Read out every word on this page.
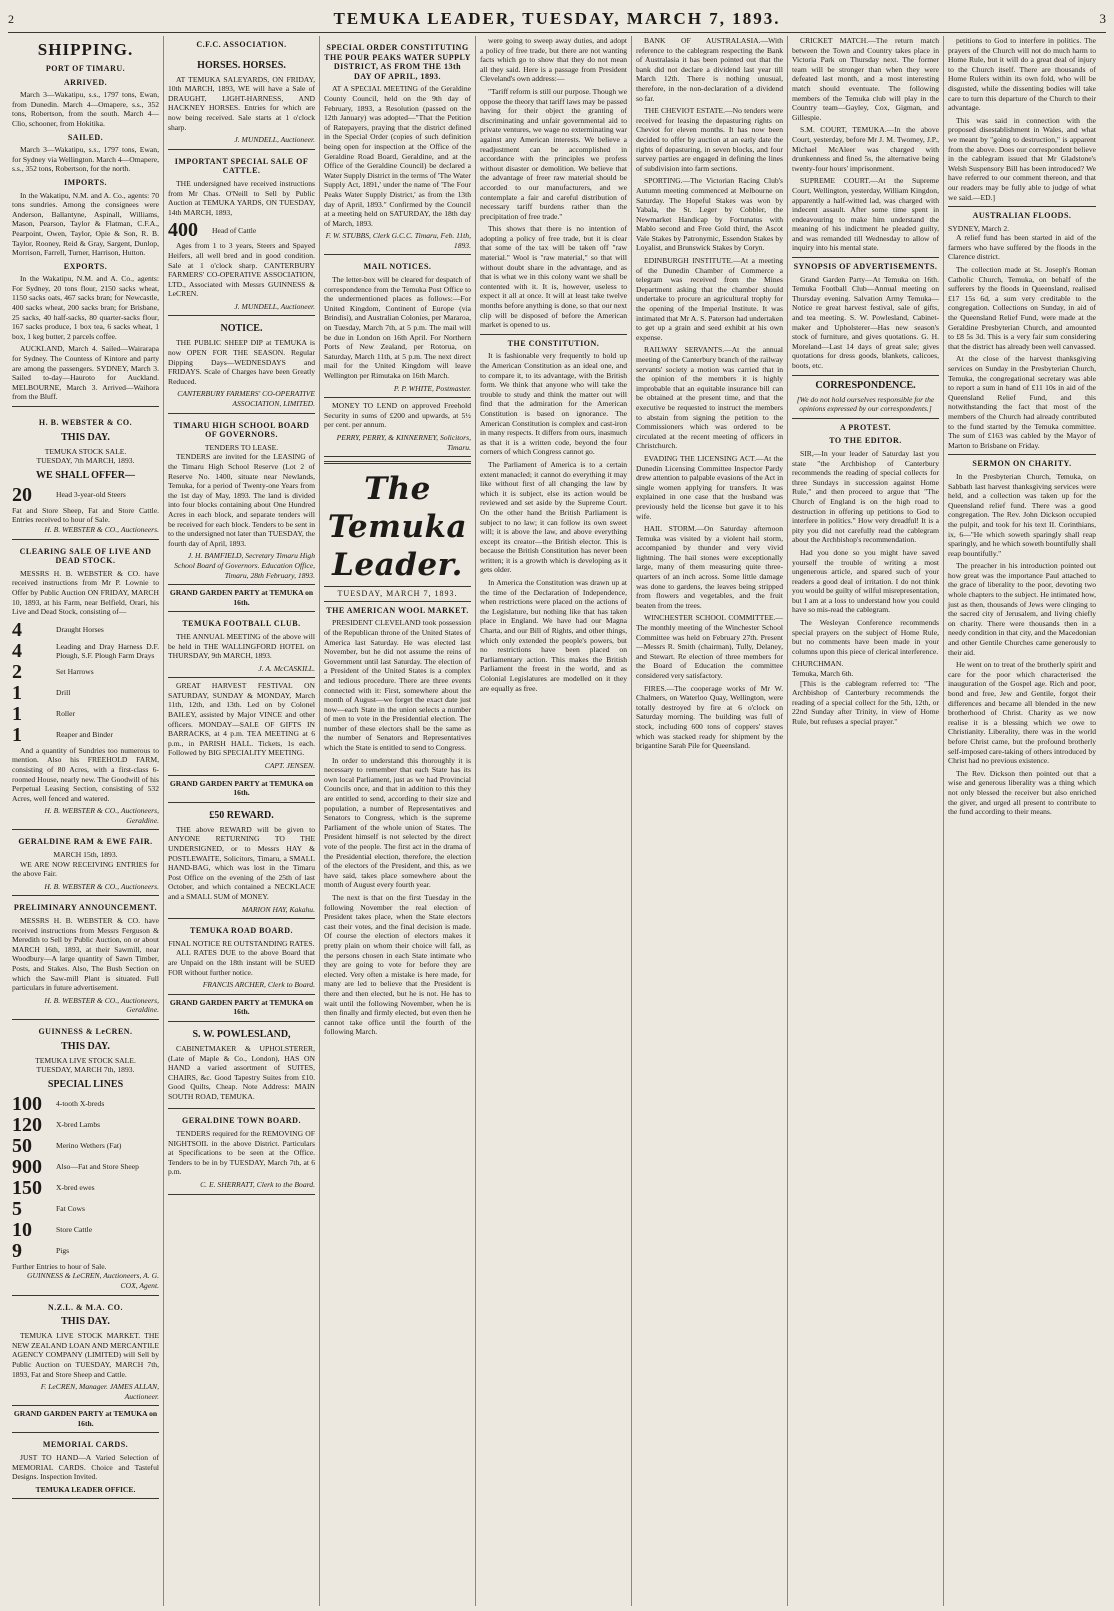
2	TEMUKA LEADER, TUESDAY, MARCH 7, 1893.	3
SHIPPING.
PORT OF TIMARU.
ARRIVED.

March 3—Wakatipu, s.s., 1797 tons, Ewan, from Dunedin. March 4—Omapere, s.s., 352 tons, Robertson, from the south. March 4—Clio, schooner, from Hokitika.

SAILED.

March 3—Wakatipu, s.s., 1797 tons, Ewan, for Sydney via Wellington. March 4—Omapere, s.s., 352 tons, Robertson, for the north.

IMPORTS.

In the Wakatipu, N.M. and A. Co., agents: 70 tons sundries. Among the consignees were Anderson, Ballantyne, Aspinall, Williams, Mason, Pearson, Taylor & Flatman, C.F.A., Pearpoint, Owen, Taylor, Opie & Son, R. B. Taylor, Rooney, Reid & Gray, Sargent, Dunlop, Morrison, Farrell, Turner, Harrison, Hutton.

EXPORTS.

In the Wakatipu, N.M. and A. Co., agents: For Sydney, 20 tons flour, 2150 sacks wheat, 1150 sacks oats, 467 sacks bran; for Newcastle, 400 sacks wheat, 200 sacks bran; for Brisbane, 25 sacks, 40 half-sacks, 80 quarter-sacks flour, 167 sacks produce, 1 box tea, 6 sacks wheat, 1 box, 1 keg butter, 2 parcels coffee.

AUCKLAND, March 4. Sailed—Wairarapa for Sydney. The Countess of Kintore and party are among the passengers. SYDNEY, March 3. Sailed to-day—Hauroto for Auckland. MELBOURNE, March 3. Arrived—Waihora from the Bluff.

H. B. WEBSTER & CO.
THIS DAY.
TEMUKA STOCK SALE.
TUESDAY, 7th MARCH, 1893.
WE SHALL OFFER—
20	Head 3-year-old Steers
Fat and Store Sheep, Fat and Store Cattle. Entries received to hour of Sale.
H. B. WEBSTER & CO., Auctioneers.
CLEARING SALE OF LIVE AND DEAD STOCK.

MESSRS H. B. WEBSTER & CO. have received instructions from Mr P. Lownie to Offer by Public Auction ON FRIDAY, MARCH 10, 1893, at his Farm, near Belfield, Orari, his Live and Dead Stock, consisting of—

4	Draught Horses
4	Leading and Dray Harness D.F. Plough, S.F. Plough Farm Drays
2	Set Harrows
1	Drill
1	Roller
1	Reaper and Binder

And a quantity of Sundries too numerous to mention. Also his FREEHOLD FARM, consisting of 80 Acres, with a first-class 6-roomed House, nearly new. The Goodwill of his Perpetual Leasing Section, consisting of 532 Acres, well fenced and watered.

H. B. WEBSTER & CO., Auctioneers, Geraldine.
GERALDINE RAM & EWE FAIR.
MARCH 15th, 1893.

WE ARE NOW RECEIVING ENTRIES for the above Fair.

H. B. WEBSTER & CO., Auctioneers.
PRELIMINARY ANNOUNCEMENT.

MESSRS H. B. WEBSTER & CO. have received instructions from Messrs Ferguson & Meredith to Sell by Public Auction, on or about MARCH 16th, 1893, at their Sawmill, near Woodbury—A large quantity of Sawn Timber, Posts, and Stakes. Also, The Bush Section on which the Saw-mill Plant is situated. Full particulars in future advertisement.

H. B. WEBSTER & CO., Auctioneers, Geraldine.
GUINNESS & LeCREN.
THIS DAY.
TEMUKA LIVE STOCK SALE.
TUESDAY, MARCH 7th, 1893.
SPECIAL LINES
100	4-tooth X-breds
120	X-bred Lambs
50	Merino Wethers (Fat)
900	Also—Fat and Store Sheep
150	X-bred ewes
5	Fat Cows
10	Store Cattle
9	Pigs
Further Entries to hour of Sale.
GUINNESS & LeCREN, Auctioneers, A. G. COX, Agent.
N.Z.L. & M.A. CO.
THIS DAY.

TEMUKA LIVE STOCK MARKET. THE NEW ZEALAND LOAN AND MERCANTILE AGENCY COMPANY (LIMITED) will Sell by Public Auction on TUESDAY, MARCH 7th, 1893, Fat and Store Sheep and Cattle.

F. LeCREN, Manager. JAMES ALLAN, Auctioneer.
GRAND GARDEN PARTY at TEMUKA on 16th.
MEMORIAL CARDS.

JUST TO HAND—A Varied Selection of MEMORIAL CARDS. Choice and Tasteful Designs. Inspection Invited.

TEMUKA LEADER OFFICE.
C.F.C. ASSOCIATION.
HORSES. HORSES.

AT TEMUKA SALEYARDS, ON FRIDAY, 10th MARCH, 1893, WE will have a Sale of DRAUGHT, LIGHT-HARNESS, AND HACKNEY HORSES. Entries for which are now being received. Sale starts at 1 o'clock sharp.

J. MUNDELL, Auctioneer.
IMPORTANT SPECIAL SALE OF CATTLE.

THE undersigned have received instructions from Mr Chas. O'Neill to Sell by Public Auction at TEMUKA YARDS, ON TUESDAY, 14th MARCH, 1893,

400	Head of Cattle

Ages from 1 to 3 years, Steers and Spayed Heifers, all well bred and in good condition. Sale at 1 o'clock sharp. CANTERBURY FARMERS' CO-OPERATIVE ASSOCIATION, LTD., Associated with Messrs GUINNESS & LeCREN.

J. MUNDELL, Auctioneer.
NOTICE.

THE PUBLIC SHEEP DIP at TEMUKA is now OPEN FOR THE SEASON. Regular Dipping Days—WEDNESDAYS and FRIDAYS. Scale of Charges have been Greatly Reduced.

CANTERBURY FARMERS' CO-OPERATIVE ASSOCIATION, LIMITED.
TIMARU HIGH SCHOOL BOARD OF GOVERNORS.
TENDERS TO LEASE.

TENDERS are invited for the LEASING of the Timaru High School Reserve (Lot 2 of Reserve No. 1400, situate near Newlands, Temuka, for a period of Twenty-one Years from the 1st day of May, 1893. The land is divided into four blocks containing about One Hundred Acres in each block, and separate tenders will be received for each block. Tenders to be sent in to the undersigned not later than TUESDAY, the fourth day of April, 1893.

J. H. BAMFIELD, Secretary Timaru High School Board of Governors. Education Office, Timaru, 28th February, 1893.
GRAND GARDEN PARTY at TEMUKA on 16th.
TEMUKA FOOTBALL CLUB.

THE ANNUAL MEETING of the above will be held in THE WALLINGFORD HOTEL on THURSDAY, 9th MARCH, 1893.

J. A. McCASKILL.

GREAT HARVEST FESTIVAL ON SATURDAY, SUNDAY & MONDAY, March 11th, 12th, and 13th. Led on by Colonel BAILEY, assisted by Major VINCE and other officers. MONDAY—SALE OF GIFTS IN BARRACKS, at 4 p.m. TEA MEETING at 6 p.m., in PARISH HALL. Tickets, 1s each. Followed by BIG SPECIALITY MEETING.

CAPT. JENSEN.
GRAND GARDEN PARTY at TEMUKA on 16th.
£50 REWARD.

THE above REWARD will be given to ANYONE RETURNING TO THE UNDERSIGNED, or to Messrs HAY & POSTLEWAITE, Solicitors, Timaru, a SMALL HAND-BAG, which was lost in the Timaru Post Office on the evening of the 25th of last October, and which contained a NECKLACE and a SMALL SUM of MONEY.

MARION HAY, Kakahu.
TEMUKA ROAD BOARD.
FINAL NOTICE RE OUTSTANDING RATES.

ALL RATES DUE to the above Board that are Unpaid on the 18th instant will be SUED FOR without further notice.

FRANCIS ARCHER, Clerk to Board.
GRAND GARDEN PARTY at TEMUKA on 16th.
S. W. POWLESLAND,

CABINETMAKER & UPHOLSTERER, (Late of Maple & Co., London), HAS ON HAND a varied assortment of SUITES, CHAIRS, &c. Good Tapestry Suites from £10. Good Quilts, Cheap. Note Address: MAIN SOUTH ROAD, TEMUKA.

GERALDINE TOWN BOARD.

TENDERS required for the REMOVING OF NIGHTSOIL in the above District. Particulars at Specifications to be seen at the Office. Tenders to be in by TUESDAY, March 7th, at 6 p.m.

C. E. SHERRATT, Clerk to the Board.
SPECIAL ORDER CONSTITUTING THE POUR PEAKS WATER SUPPLY DISTRICT, AS FROM THE 13th DAY OF APRIL, 1893.

AT A SPECIAL MEETING of the Geraldine County Council, held on the 9th day of February, 1893, a Resolution (passed on the 12th January) was adopted—"That the Petition of Ratepayers, praying that the district defined in the Special Order (copies of such definition being open for inspection at the Office of the Geraldine Road Board, Geraldine, and at the Office of the Geraldine Council) be declared a Water Supply District in the terms of 'The Water Supply Act, 1891,' under the name of 'The Four Peaks Water Supply District,' as from the 13th day of April, 1893." Confirmed by the Council at a meeting held on SATURDAY, the 18th day of March, 1893.

F. W. STUBBS, Clerk G.C.C. Timaru, Feb. 11th, 1893.
MAIL NOTICES.

The letter-box will be cleared for despatch of correspondence from the Temuka Post Office to the undermentioned places as follows:—For United Kingdom, Continent of Europe (via Brindisi), and Australian Colonies, per Mararoa, on Tuesday, March 7th, at 5 p.m. The mail will be due in London on 16th April. For Northern Ports of New Zealand, per Rotorua, on Saturday, March 11th, at 5 p.m. The next direct mail for the United Kingdom will leave Wellington per Rimutaka on 16th March.

P. P. WHITE, Postmaster.

MONEY TO LEND on approved Freehold Security in sums of £200 and upwards, at 5½ per cent. per annum.

PERRY, PERRY, & KINNERNEY, Solicitors, Timaru.
The Temuka Leader.
TUESDAY, MARCH 7, 1893.
THE AMERICAN WOOL MARKET.

PRESIDENT CLEVELAND took possession of the Republican throne of the United States of America last Saturday. He was elected last November, but he did not assume the reins of Government until last Saturday. The election of a President of the United States is a complex and tedious procedure. There are three events connected with it: First, somewhere about the month of August—we forget the exact date just now—each State in the union selects a number of men to vote in the Presidential election. The number of these electors shall be the same as the number of Senators and Representatives which the State is entitled to send to Congress.

In order to understand this thoroughly it is necessary to remember that each State has its own local Parliament, just as we had Provincial Councils once, and that in addition to this they are entitled to send, according to their size and population, a number of Representatives and Senators to Congress, which is the supreme Parliament of the whole union of States. The President himself is not selected by the direct vote of the people. The first act in the drama of the Presidential election, therefore, the election of the electors of the President, and this, as we have said, takes place somewhere about the month of August every fourth year.

The next is that on the first Tuesday in the following November the real election of President takes place, when the State electors cast their votes, and the final decision is made. Of course the election of electors makes it pretty plain on whom their choice will fall, as the persons chosen in each State intimate who they are going to vote for before they are elected. Very often a mistake is here made, for many are led to believe that the President is there and then elected, but he is not. He has to wait until the following November, when he is then finally and firmly elected, but even then he cannot take office until the fourth of the following March.

were going to sweep away duties, and adopt a policy of free trade, but there are not wanting facts which go to show that they do not mean all they said. Here is a passage from President Cleveland's own address:—

"Tariff reform is still our purpose. Though we oppose the theory that tariff laws may be passed having for their object the granting of discriminating and unfair governmental aid to private ventures, we wage no exterminating war against any American interests. We believe a readjustment can be accomplished in accordance with the principles we profess without disaster or demolition. We believe that the advantage of freer raw material should be accorded to our manufacturers, and we contemplate a fair and careful distribution of necessary tariff burdens rather than the precipitation of free trade."

This shows that there is no intention of adopting a policy of free trade, but it is clear that some of the tax will be taken off "raw material." Wool is "raw material," so that will without doubt share in the advantage, and as that is what we in this colony want we shall be contented with it. It is, however, useless to expect it all at once. It will at least take twelve months before anything is done, so that our next clip will be disposed of before the American market is opened to us.

THE CONSTITUTION.

It is fashionable very frequently to hold up the American Constitution as an ideal one, and to compare it, to its advantage, with the British form. We think that anyone who will take the trouble to study and think the matter out will find that the admiration for the American Constitution is based on ignorance. The American Constitution is complex and cast-iron in many respects. It differs from ours, inasmuch as that it is a written code, beyond the four corners of which Congress cannot go.

The Parliament of America is to a certain extent manacled; it cannot do everything it may like without first of all changing the law by which it is subject, else its action would be reviewed and set aside by the Supreme Court. On the other hand the British Parliament is subject to no law; it can follow its own sweet will; it is above the law, and above everything except its creator—the British elector. This is because the British Constitution has never been written; it is a growth which is developing as it gets older.

In America the Constitution was drawn up at the time of the Declaration of Independence, when restrictions were placed on the actions of the Legislature, but nothing like that has taken place in England. We have had our Magna Charta, and our Bill of Rights, and other things, which only extended the people's powers, but no restrictions have been placed on Parliamentary action. This makes the British Parliament the freest in the world, and as Colonial Legislatures are modelled on it they are equally as free.

BANK OF AUSTRALASIA.—With reference to the cablegram respecting the Bank of Australasia it has been pointed out that the bank did not declare a dividend last year till March 12th. There is nothing unusual, therefore, in the non-declaration of a dividend so far.

THE CHEVIOT ESTATE.—No tenders were received for leasing the depasturing rights on Cheviot for eleven months. It has now been decided to offer by auction at an early date the rights of depasturing, in seven blocks, and four survey parties are engaged in defining the lines of subdivision into farm sections.

SPORTING.—The Victorian Racing Club's Autumn meeting commenced at Melbourne on Saturday. The Hopeful Stakes was won by Yabala, the St. Leger by Cobbler, the Newmarket Handicap by Fortunatus with Mablo second and Free Gold third, the Ascot Vale Stakes by Patronymic, Essendon Stakes by Loyalist, and Brunswick Stakes by Coryn.

EDINBURGH INSTITUTE.—At a meeting of the Dunedin Chamber of Commerce a telegram was received from the Mines Department asking that the chamber should undertake to procure an agricultural trophy for the opening of the Imperial Institute. It was intimated that Mr A. S. Paterson had undertaken to get up a grain and seed exhibit at his own expense.

RAILWAY SERVANTS.—At the annual meeting of the Canterbury branch of the railway servants' society a motion was carried that in the opinion of the members it is highly improbable that an equitable insurance bill can be obtained at the present time, and that the executive be requested to instruct the members to abstain from signing the petition to the Commissioners which was ordered to be circulated at the recent meeting of officers in Christchurch.

EVADING THE LICENSING ACT.—At the Dunedin Licensing Committee Inspector Pardy drew attention to palpable evasions of the Act in single women applying for transfers. It was explained in one case that the husband was previously held the license but gave it to his wife.

HAIL STORM.—On Saturday afternoon Temuka was visited by a violent hail storm, accompanied by thunder and very vivid lightning. The hail stones were exceptionally large, many of them measuring quite three-quarters of an inch across. Some little damage was done to gardens, the leaves being stripped from flowers and vegetables, and the fruit beaten from the trees.

WINCHESTER SCHOOL COMMITTEE.—The monthly meeting of the Winchester School Committee was held on February 27th. Present—Messrs R. Smith (chairman), Tully, Delaney, and Stewart. Re election of three members for the Board of Education the committee considered very satisfactory.

FIRES.—The cooperage works of Mr W. Chalmers, on Waterloo Quay, Wellington, were totally destroyed by fire at 6 o'clock on Saturday morning. The building was full of stock, including 600 tons of coppers' staves which was stacked ready for shipment by the brigantine Sarah Pile for Queensland.

CRICKET MATCH.—The return match between the Town and Country takes place in Victoria Park on Thursday next. The former team will be stronger than when they were defeated last month, and a most interesting match should eventuate. The following members of the Temuka club will play in the Country team—Gayley, Cox, Gigman, and Gillespie.

S.M. COURT, TEMUKA.—In the above Court, yesterday, before Mr J. M. Twomey, J.P., Michael McAleer was charged with drunkenness and fined 5s, the alternative being twenty-four hours' imprisonment.

SUPREME COURT.—At the Supreme Court, Wellington, yesterday, William Kingdon, apparently a half-witted lad, was charged with indecent assault. After some time spent in endeavouring to make him understand the meaning of his indictment he pleaded guilty, and was remanded till Wednesday to allow of inquiry into his mental state.

SYNOPSIS OF ADVERTISEMENTS.

Grand Garden Party—At Temuka on 16th. Temuka Football Club—Annual meeting on Thursday evening. Salvation Army Temuka—Notice re great harvest festival, sale of gifts, and tea meeting. S. W. Powlesland, Cabinet-maker and Upholsterer—Has new season's stock of furniture, and gives quotations. G. H. Moreland—Last 14 days of great sale; gives quotations for dress goods, blankets, calicoes, boots, etc.

CORRESPONDENCE.
[We do not hold ourselves responsible for the opinions expressed by our correspondents.]
A PROTEST.
TO THE EDITOR.

SIR,—In your leader of Saturday last you state "the Archbishop of Canterbury recommends the reading of special collects for three Sundays in succession against Home Rule," and then proceed to argue that "The Church of England is on the high road to destruction in offering up petitions to God to interfere in politics." How very dreadful! It is a pity you did not carefully read the cablegram about the Archbishop's recommendation.

Had you done so you might have saved yourself the trouble of writing a most ungenerous article, and spared such of your readers a good deal of irritation. I do not think you would be guilty of wilful misrepresentation, but I am at a loss to understand how you could have so mis-read the cablegram.

The Wesleyan Conference recommends special prayers on the subject of Home Rule, but no comments have been made in your columns upon this piece of clerical interference.

CHURCHMAN.
Temuka, March 6th.

[This is the cablegram referred to: "The Archbishop of Canterbury recommends the reading of a special collect for the 5th, 12th, or 22nd Sunday after Trinity, in view of Home Rule, but refuses a special prayer."

petitions to God to interfere in politics. The prayers of the Church will not do much harm to Home Rule, but it will do a great deal of injury to the Church itself. There are thousands of Home Rulers within its own fold, who will be disgusted, while the dissenting bodies will take care to turn this departure of the Church to their advantage.

This was said in connection with the proposed disestablishment in Wales, and what we meant by "going to destruction," is apparent from the above. Does our correspondent believe in the cablegram issued that Mr Gladstone's Welsh Suspensory Bill has been introduced? We have referred to our comment thereon, and that our readers may be fully able to judge of what we said.—ED.]

AUSTRALIAN FLOODS.
SYDNEY, March 2.

A relief fund has been started in aid of the farmers who have suffered by the floods in the Clarence district.

The collection made at St. Joseph's Roman Catholic Church, Temuka, on behalf of the sufferers by the floods in Queensland, realised £17 15s 6d, a sum very creditable to the congregation. Collections on Sunday, in aid of the Queensland Relief Fund, were made at the Geraldine Presbyterian Church, and amounted to £8 5s 3d. This is a very fair sum considering that the district has already been well canvassed.

At the close of the harvest thanksgiving services on Sunday in the Presbyterian Church, Temuka, the congregational secretary was able to report a sum in hand of £11 10s in aid of the Queensland Relief Fund, and this notwithstanding the fact that most of the members of the Church had already contributed to the fund started by the Temuka committee. The sum of £163 was cabled by the Mayor of Marton to Brisbane on Friday.

SERMON ON CHARITY.

In the Presbyterian Church, Temuka, on Sabbath last harvest thanksgiving services were held, and a collection was taken up for the Queensland relief fund. There was a good congregation. The Rev. John Dickson occupied the pulpit, and took for his text II. Corinthians, ix, 6—"He which soweth sparingly shall reap sparingly, and he which soweth bountifully shall reap bountifully."

The preacher in his introduction pointed out how great was the importance Paul attached to the grace of liberality to the poor, devoting two whole chapters to the subject. He intimated how, just as then, thousands of Jews were clinging to the sacred city of Jerusalem, and living chiefly on charity. There were thousands then in a needy condition in that city, and the Macedonian and other Gentile Churches came generously to their aid.

He went on to treat of the brotherly spirit and care for the poor which characterised the inauguration of the Gospel age. Rich and poor, bond and free, Jew and Gentile, forgot their differences and became all blended in the new brotherhood of Christ. Charity as we now realise it is a blessing which we owe to Christianity. Liberality, there was in the world before Christ came, but the profound brotherly self-imposed care-taking of others introduced by Christ had no previous existence.

The Rev. Dickson then pointed out that a wise and generous liberality was a thing which not only blessed the receiver but also enriched the giver, and urged all present to contribute to the fund according to their means.
